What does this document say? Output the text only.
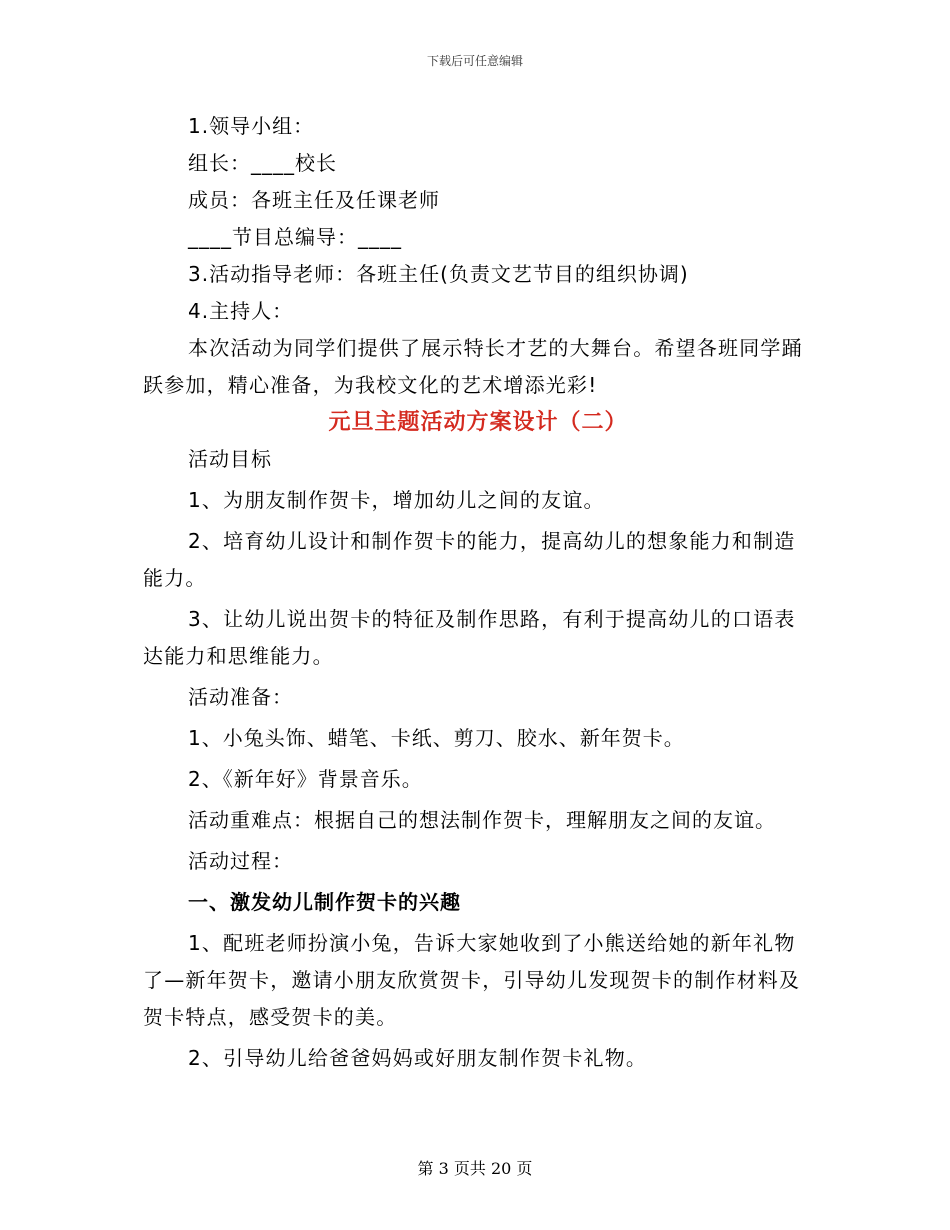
下载后可任意编辑
1.领导小组：
组长：____校长
成员：各班主任及任课老师
____节目总编导：____
3.活动指导老师：各班主任(负责文艺节目的组织协调)
4.主持人：
本次活动为同学们提供了展示特长才艺的大舞台。希望各班同学踊跃参加，精心准备，为我校文化的艺术增添光彩!
元旦主题活动方案设计（二）
活动目标
1、为朋友制作贺卡，增加幼儿之间的友谊。
2、培育幼儿设计和制作贺卡的能力，提高幼儿的想象能力和制造能力。
3、让幼儿说出贺卡的特征及制作思路，有利于提高幼儿的口语表达能力和思维能力。
活动准备：
1、小兔头饰、蜡笔、卡纸、剪刀、胶水、新年贺卡。
2、《新年好》背景音乐。
活动重难点：根据自己的想法制作贺卡，理解朋友之间的友谊。
活动过程：
一、激发幼儿制作贺卡的兴趣
1、配班老师扮演小兔，告诉大家她收到了小熊送给她的新年礼物了—新年贺卡，邀请小朋友欣赏贺卡，引导幼儿发现贺卡的制作材料及贺卡特点，感受贺卡的美。
2、引导幼儿给爸爸妈妈或好朋友制作贺卡礼物。
第 3 页共 20 页
